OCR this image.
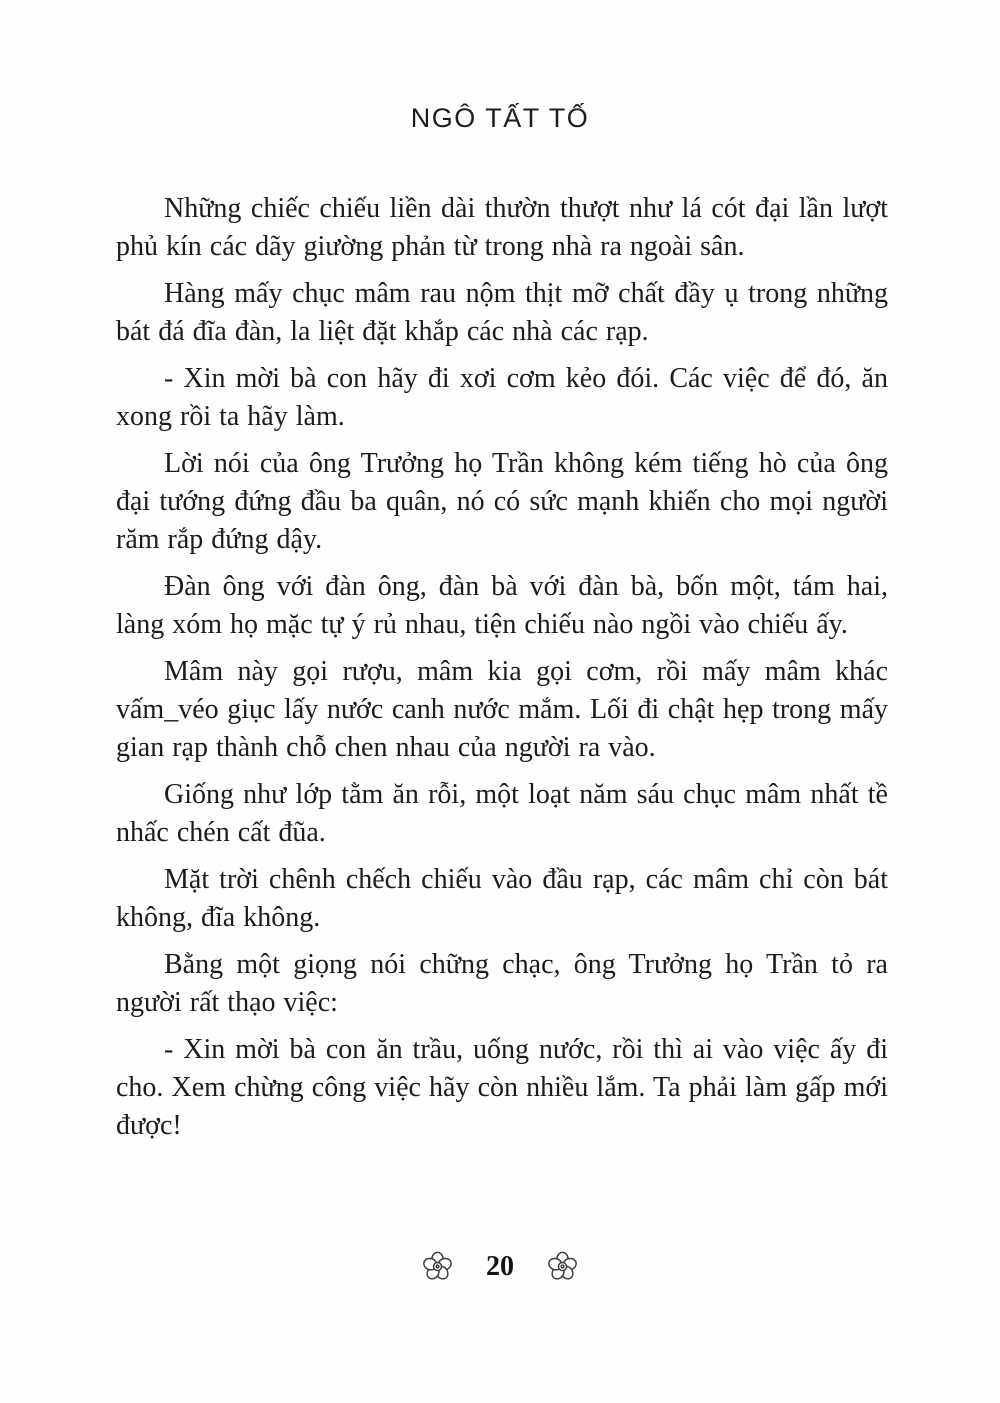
NGÔ TẤT TỐ

Những chiếc chiếu liền dài thườn thượt như lá cót đại lần lượt phủ kín các dãy giường phản từ trong nhà ra ngoài sân.

Hàng mấy chục mâm rau nộm thịt mỡ chất đầy ụ trong những bát đá đĩa đàn, la liệt đặt khắp các nhà các rạp.

- Xin mời bà con hãy đi xơi cơm kẻo đói. Các việc để đó, ăn xong rồi ta hãy làm.

Lời nói của ông Trưởng họ Trần không kém tiếng hò của ông đại tướng đứng đầu ba quân, nó có sức mạnh khiến cho mọi người răm rắp đứng dậy.

Đàn ông với đàn ông, đàn bà với đàn bà, bốn một, tám hai, làng xóm họ mặc tự ý rủ nhau, tiện chiếu nào ngồi vào chiếu ấy.

Mâm này gọi rượu, mâm kia gọi cơm, rồi mấy mâm khác vấm_véo giục lấy nước canh nước mắm. Lối đi chật hẹp trong mấy gian rạp thành chỗ chen nhau của người ra vào.

Giống như lớp tằm ăn rỗi, một loạt năm sáu chục mâm nhất tề nhấc chén cất đũa.

Mặt trời chênh chếch chiếu vào đầu rạp, các mâm chỉ còn bát không, đĩa không.

Bằng một giọng nói chững chạc, ông Trưởng họ Trần tỏ ra người rất thạo việc:

- Xin mời bà con ăn trầu, uống nước, rồi thì ai vào việc ấy đi cho. Xem chừng công việc hãy còn nhiều lắm. Ta phải làm gấp mới được!

20
